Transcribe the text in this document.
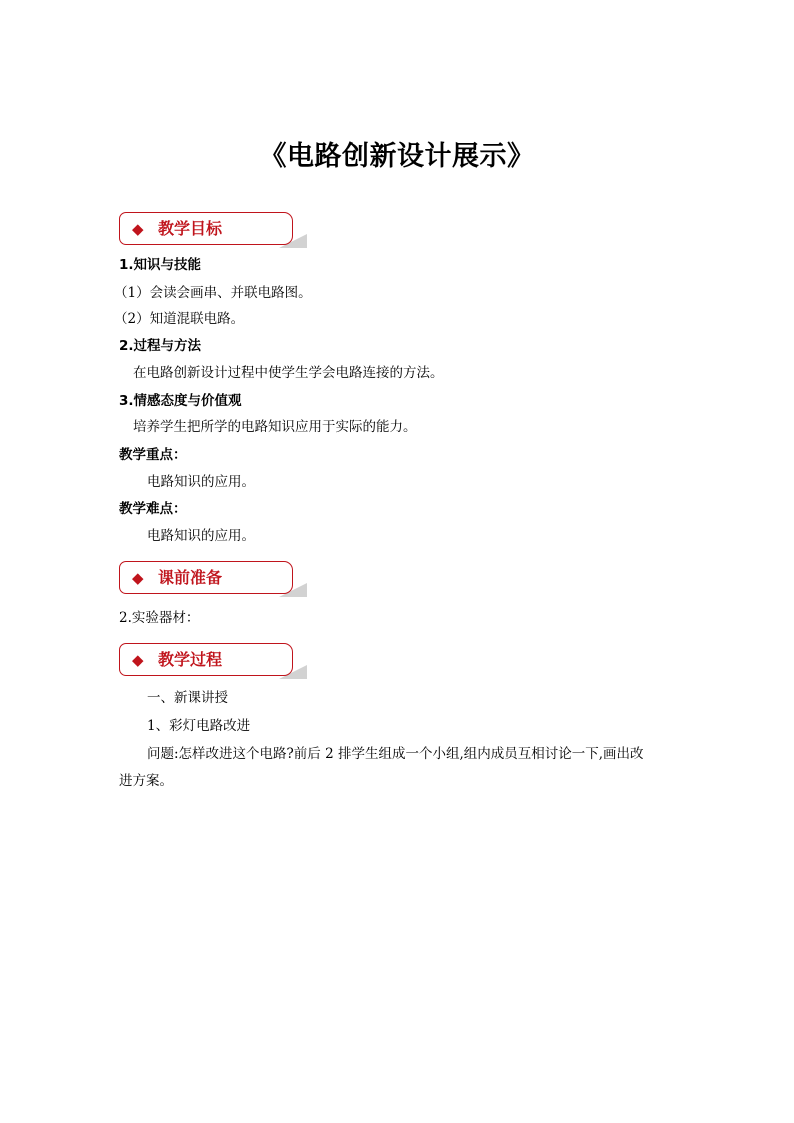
《电路创新设计展示》
◆ 教学目标
1.知识与技能
（1）会读会画串、并联电路图。
（2）知道混联电路。
2.过程与方法
在电路创新设计过程中使学生学会电路连接的方法。
3.情感态度与价值观
培养学生把所学的电路知识应用于实际的能力。
教学重点：
电路知识的应用。
教学难点：
电路知识的应用。
◆ 课前准备
2.实验器材：
◆ 教学过程
一、新课讲授
1、彩灯电路改进
问题:怎样改进这个电路?前后 2 排学生组成一个小组,组内成员互相讨论一下,画出改
进方案。
